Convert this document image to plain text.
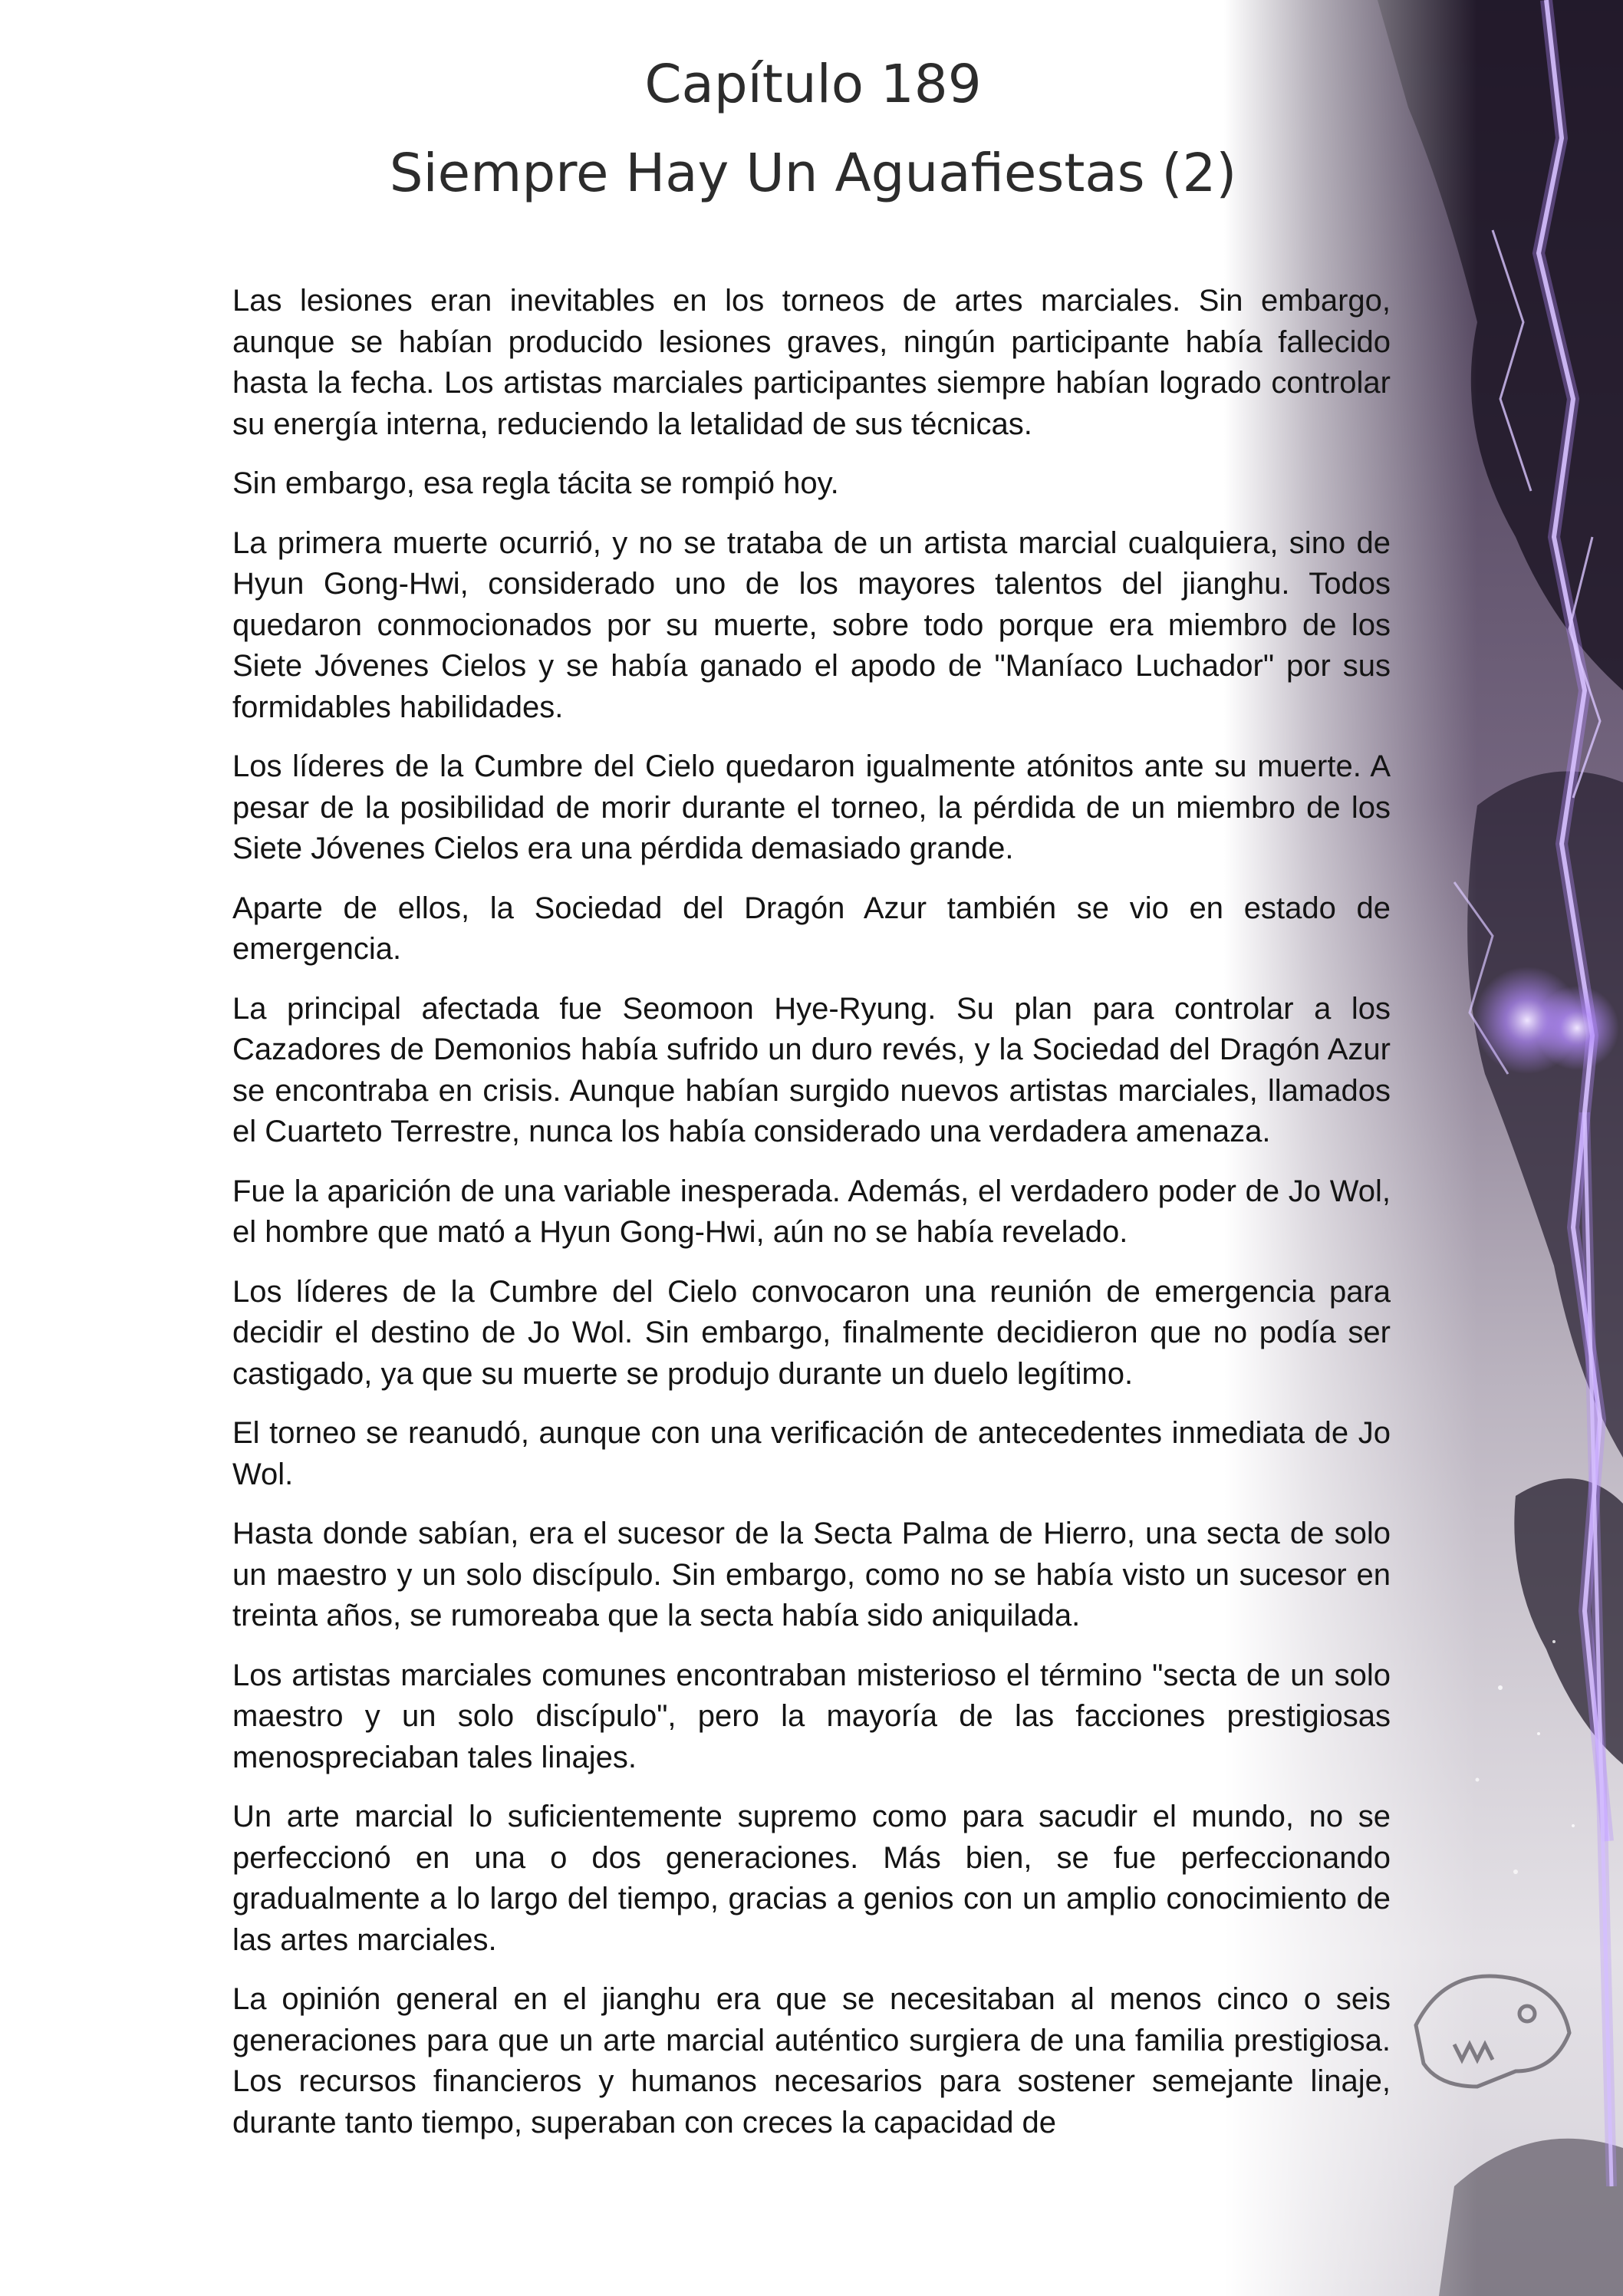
Capítulo 189
Siempre Hay Un Aguafiestas (2)

Las lesiones eran inevitables en los torneos de artes marciales. Sin embargo, aunque se habían producido lesiones graves, ningún participante había fallecido hasta la fecha. Los artistas marciales participantes siempre habían logrado controlar su energía interna, reduciendo la letalidad de sus técnicas.

Sin embargo, esa regla tácita se rompió hoy.

La primera muerte ocurrió, y no se trataba de un artista marcial cualquiera, sino de Hyun Gong-Hwi, considerado uno de los mayores talentos del jianghu. Todos quedaron conmocionados por su muerte, sobre todo porque era miembro de los Siete Jóvenes Cielos y se había ganado el apodo de "Maníaco Luchador" por sus formidables habilidades.

Los líderes de la Cumbre del Cielo quedaron igualmente atónitos ante su muerte. A pesar de la posibilidad de morir durante el torneo, la pérdida de un miembro de los Siete Jóvenes Cielos era una pérdida demasiado grande.

Aparte de ellos, la Sociedad del Dragón Azur también se vio en estado de emergencia.

La principal afectada fue Seomoon Hye-Ryung. Su plan para controlar a los Cazadores de Demonios había sufrido un duro revés, y la Sociedad del Dragón Azur se encontraba en crisis. Aunque habían surgido nuevos artistas marciales, llamados el Cuarteto Terrestre, nunca los había considerado una verdadera amenaza.

Fue la aparición de una variable inesperada. Además, el verdadero poder de Jo Wol, el hombre que mató a Hyun Gong-Hwi, aún no se había revelado.

Los líderes de la Cumbre del Cielo convocaron una reunión de emergencia para decidir el destino de Jo Wol. Sin embargo, finalmente decidieron que no podía ser castigado, ya que su muerte se produjo durante un duelo legítimo.

El torneo se reanudó, aunque con una verificación de antecedentes inmediata de Jo Wol.

Hasta donde sabían, era el sucesor de la Secta Palma de Hierro, una secta de solo un maestro y un solo discípulo. Sin embargo, como no se había visto un sucesor en treinta años, se rumoreaba que la secta había sido aniquilada.

Los artistas marciales comunes encontraban misterioso el término "secta de un solo maestro y un solo discípulo", pero la mayoría de las facciones prestigiosas menospreciaban tales linajes.

Un arte marcial lo suficientemente supremo como para sacudir el mundo, no se perfeccionó en una o dos generaciones. Más bien, se fue perfeccionando gradualmente a lo largo del tiempo, gracias a genios con un amplio conocimiento de las artes marciales.

La opinión general en el jianghu era que se necesitaban al menos cinco o seis generaciones para que un arte marcial auténtico surgiera de una familia prestigiosa. Los recursos financieros y humanos necesarios para sostener semejante linaje, durante tanto tiempo, superaban con creces la capacidad de
